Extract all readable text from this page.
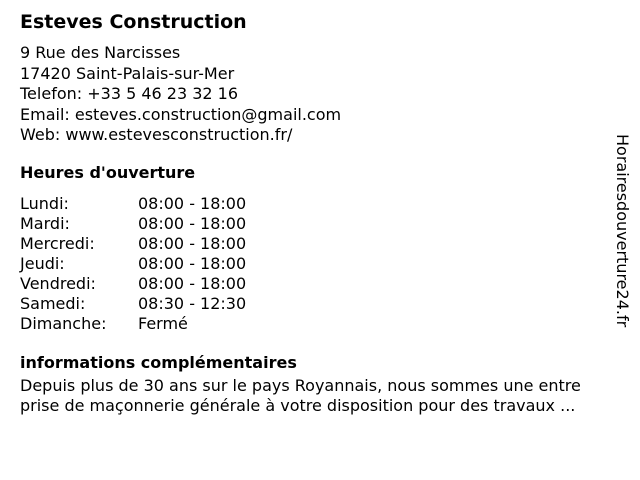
Esteves Construction
9 Rue des Narcisses
17420 Saint-Palais-sur-Mer
Telefon: +33 5 46 23 32 16
Email: esteves.construction@gmail.com
Web: www.estevesconstruction.fr/
Heures d'ouverture
Lundi:	08:00 - 18:00
Mardi:	08:00 - 18:00
Mercredi:	08:00 - 18:00
Jeudi:	08:00 - 18:00
Vendredi:	08:00 - 18:00
Samedi:	08:30 - 12:30
Dimanche:	Fermé
informations complémentaires
Depuis plus de 30 ans sur le pays Royannais, nous sommes une entre
prise de maçonnerie générale à votre disposition pour des travaux ...
Horairesdouverture24.fr
